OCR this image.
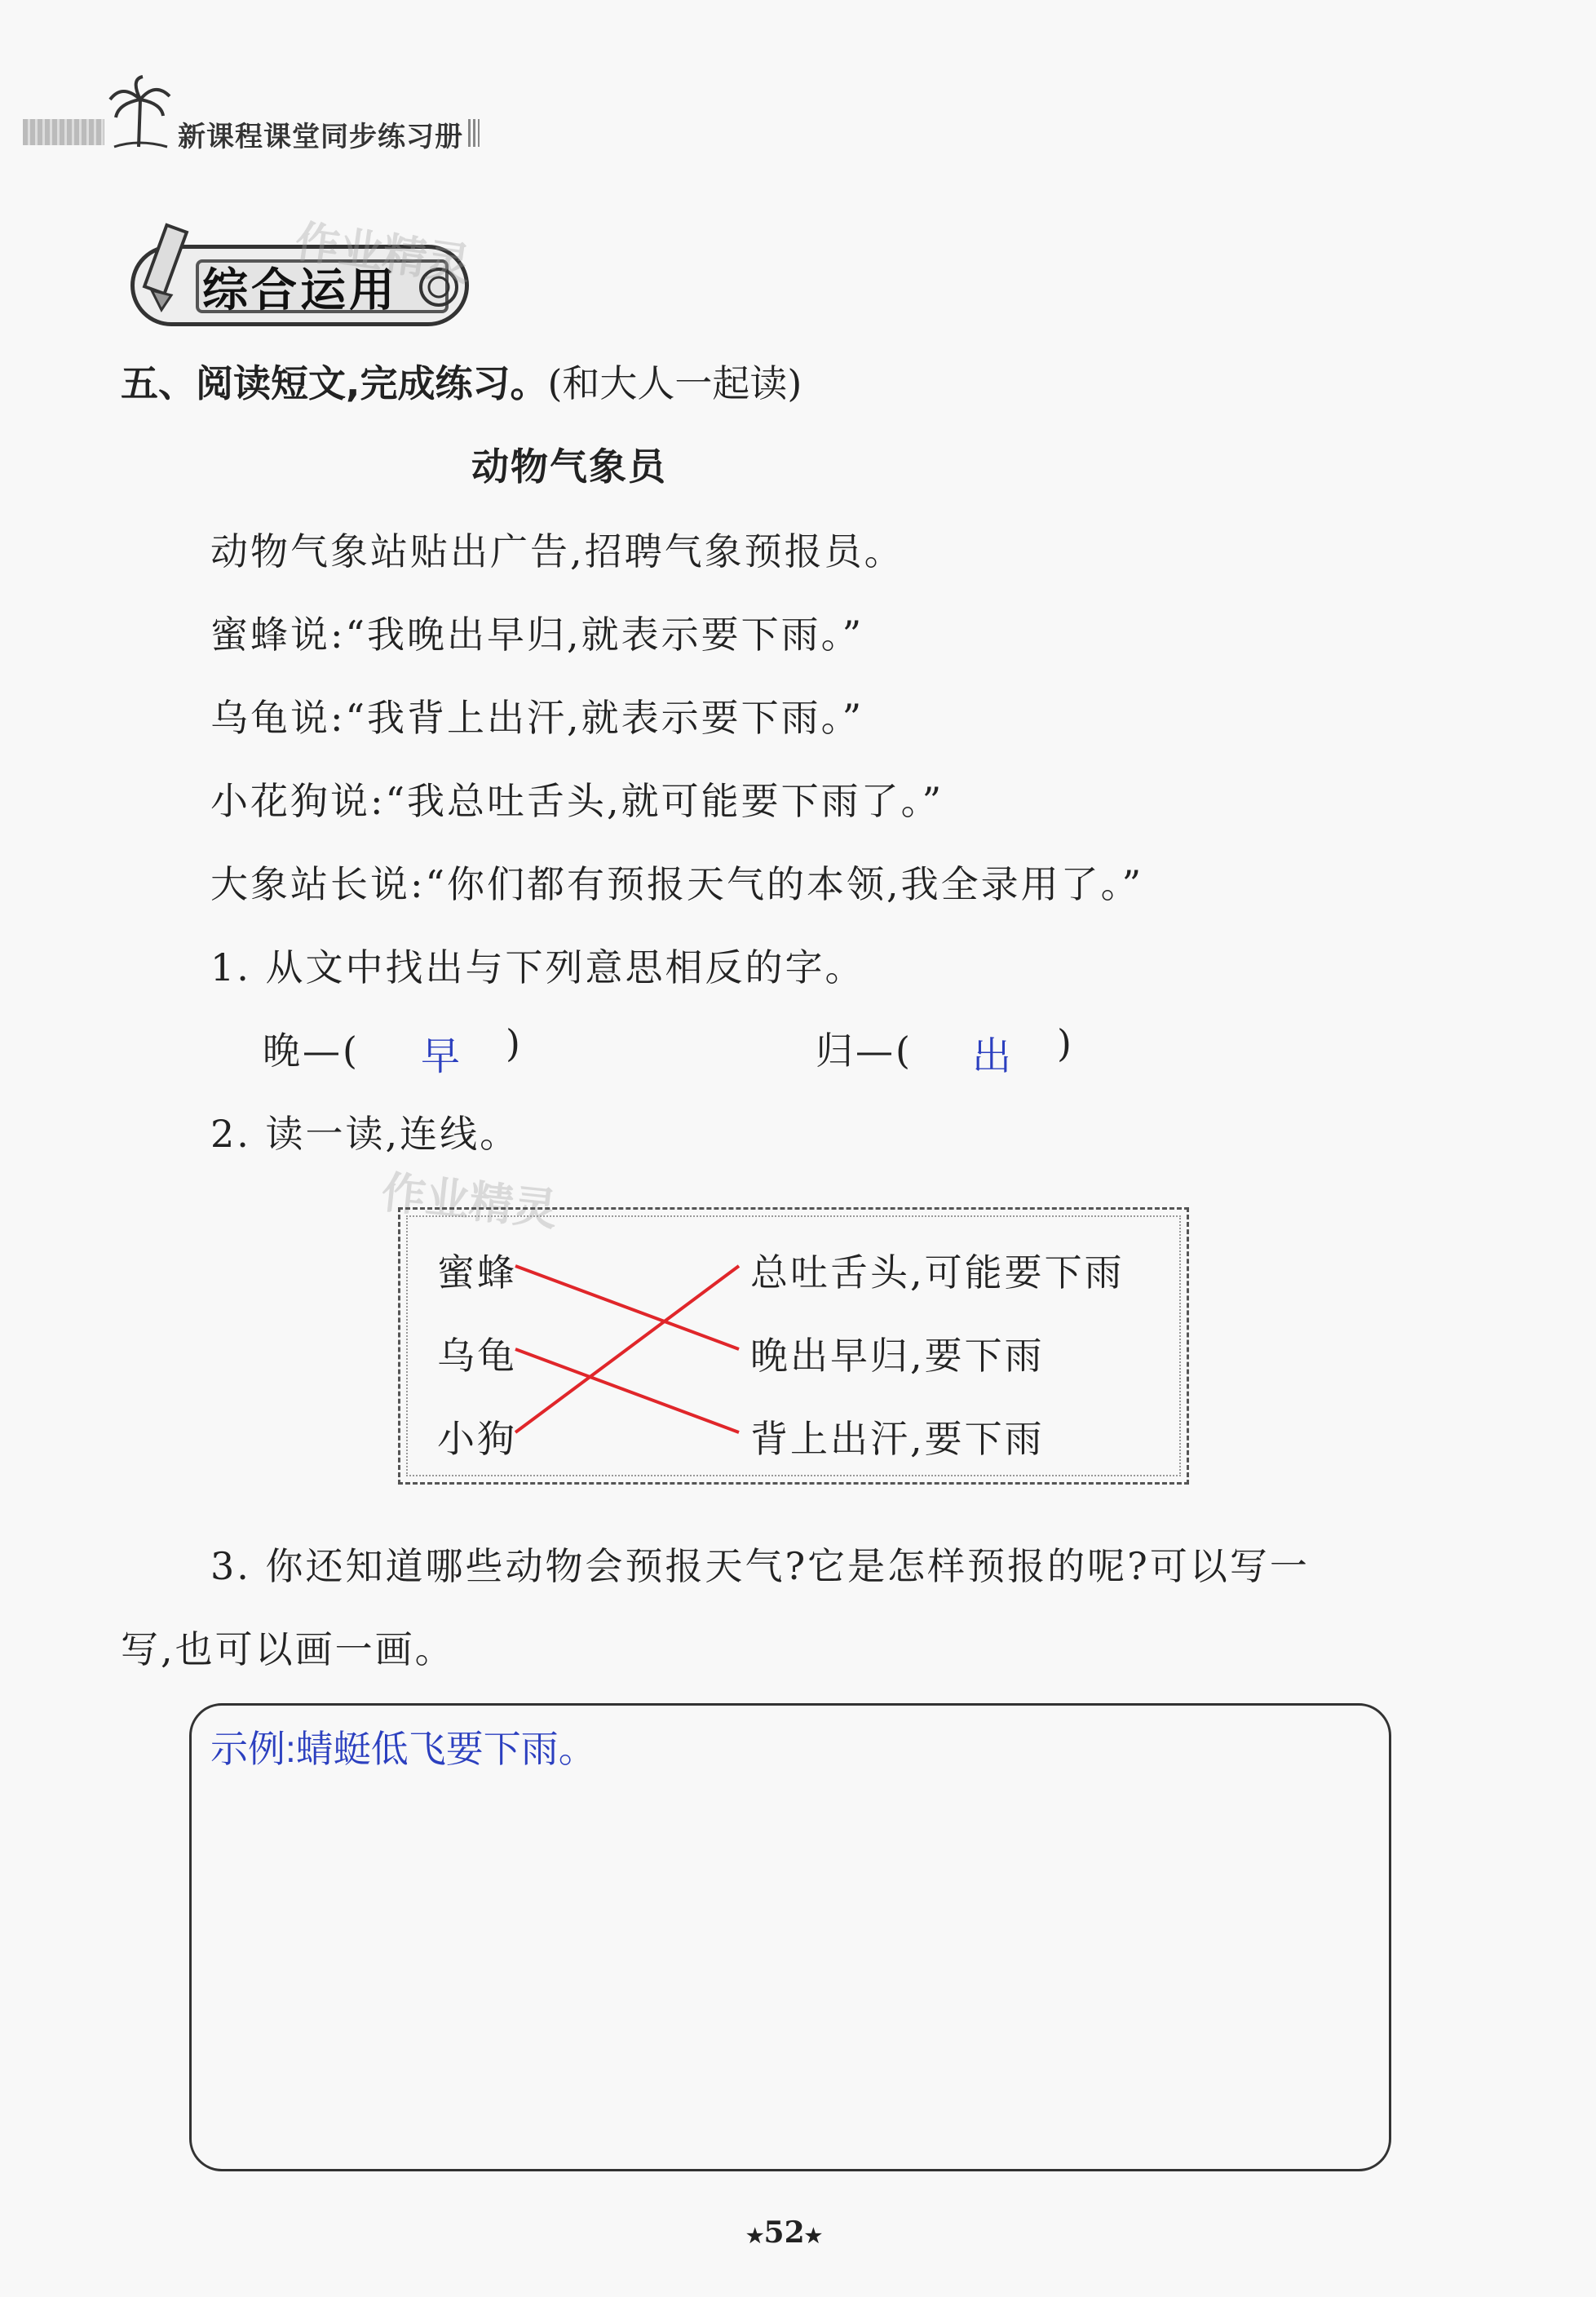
新课程课堂同步练习册
综合运用
作业精灵
五、阅读短文,完成练习。(和大人一起读)
动物气象员
动物气象站贴出广告,招聘气象预报员。
蜜蜂说:“我晚出早归,就表示要下雨。”
乌龟说:“我背上出汗,就表示要下雨。”
小花狗说:“我总吐舌头,就可能要下雨了。”
大象站长说:“你们都有预报天气的本领,我全录用了。”
1. 从文中找出与下列意思相反的字。
晚—( 早 )	归—( 出 )
2. 读一读,连线。
作业精灵
蜜蜂
乌龟
小狗
总吐舌头,可能要下雨
晚出早归,要下雨
背上出汗,要下雨
3. 你还知道哪些动物会预报天气?它是怎样预报的呢?可以写一
写,也可以画一画。
示例:蜻蜓低飞要下雨。
★52★
